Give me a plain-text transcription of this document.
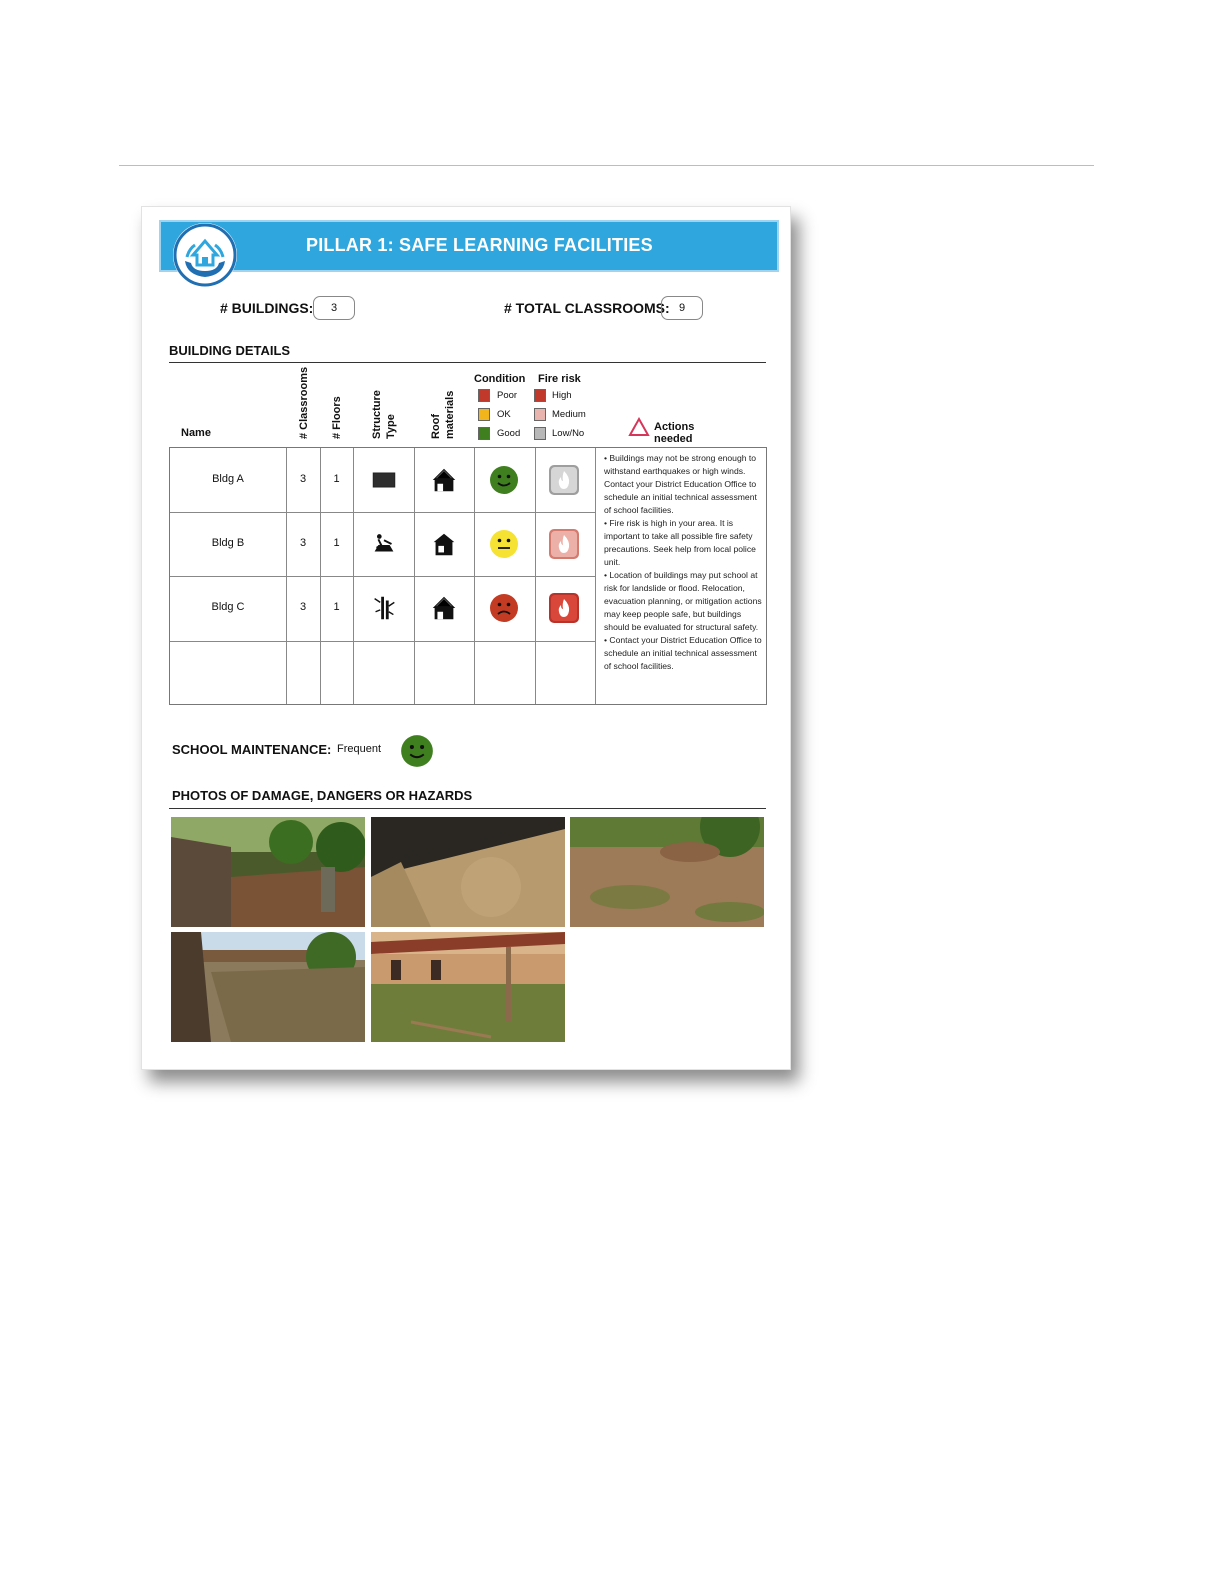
PILLAR 1: SAFE LEARNING FACILITIES
# BUILDINGS:	3	# TOTAL CLASSROOMS: 9
BUILDING DETAILS
Name	# Classrooms # Floors	Structure Type	Roof materials
Condition Fire risk
Poor
OK
Good
High
Medium
Low/No
Actions needed
Bldg A	3	1
Bldg B	3	1
Bldg C	3	1

• Buildings may not be strong enough to withstand earthquakes or high winds. Contact your District Education Office to schedule an initial technical assessment of school facilities.

• Fire risk is high in your area. It is important to take all possible fire safety precautions. Seek help from local police unit.

• Location of buildings may put school at risk for landslide or flood. Relocation, evacuation planning, or mitigation actions may keep people safe, but buildings should be evaluated for structural safety.

• Contact your District Education Office to schedule an initial technical assessment of school facilities.

SCHOOL MAINTENANCE: Frequent
PHOTOS OF DAMAGE, DANGERS OR HAZARDS
